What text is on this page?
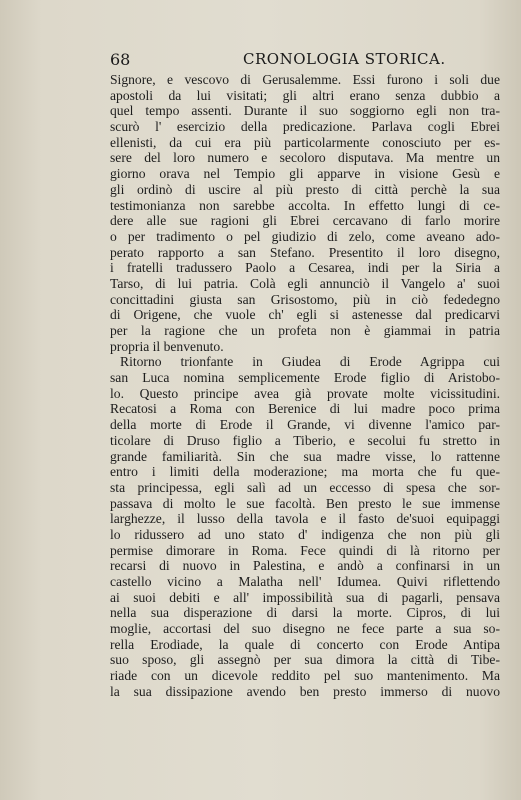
68	CRONOLOGIA STORICA.
Signore, e vescovo di Gerusalemme. Essi furono i soli due
apostoli da lui visitati; gli altri erano senza dubbio a
quel tempo assenti. Durante il suo soggiorno egli non tra-
scurò l' esercizio della predicazione. Parlava cogli Ebrei
ellenisti, da cui era più particolarmente conosciuto per es-
sere del loro numero e secoloro disputava. Ma mentre un
giorno orava nel Tempio gli apparve in visione Gesù e
gli ordinò di uscire al più presto di città perchè la sua
testimonianza non sarebbe accolta. In effetto lungi di ce-
dere alle sue ragioni gli Ebrei cercavano di farlo morire
o per tradimento o pel giudizio di zelo, come aveano ado-
perato rapporto a san Stefano. Presentito il loro disegno,
i fratelli tradussero Paolo a Cesarea, indi per la Siria a
Tarso, di lui patria. Colà egli annunciò il Vangelo a' suoi
concittadini giusta san Grisostomo, più in ciò fededegno
di Origene, che vuole ch' egli si astenesse dal predicarvi
per la ragione che un profeta non è giammai in patria
propria il benvenuto.
Ritorno trionfante in Giudea di Erode Agrippa cui
san Luca nomina semplicemente Erode figlio di Aristobo-
lo. Questo principe avea già provate molte vicissitudini.
Recatosi a Roma con Berenice di lui madre poco prima
della morte di Erode il Grande, vi divenne l'amico par-
ticolare di Druso figlio a Tiberio, e secolui fu stretto in
grande familiarità. Sin che sua madre visse, lo rattenne
entro i limiti della moderazione; ma morta che fu que-
sta principessa, egli salì ad un eccesso di spesa che sor-
passava di molto le sue facoltà. Ben presto le sue immense
larghezze, il lusso della tavola e il fasto de'suoi equipaggi
lo ridussero ad uno stato d' indigenza che non più gli
permise dimorare in Roma. Fece quindi di là ritorno per
recarsi di nuovo in Palestina, e andò a confinarsi in un
castello vicino a Malatha nell' Idumea. Quivi riflettendo
ai suoi debiti e all' impossibilità sua di pagarli, pensava
nella sua disperazione di darsi la morte. Cipros, di lui
moglie, accortasi del suo disegno ne fece parte a sua so-
rella Erodiade, la quale di concerto con Erode Antipa
suo sposo, gli assegnò per sua dimora la città di Tibe-
riade con un dicevole reddito pel suo mantenimento. Ma
la sua dissipazione avendo ben presto immerso di nuovo
